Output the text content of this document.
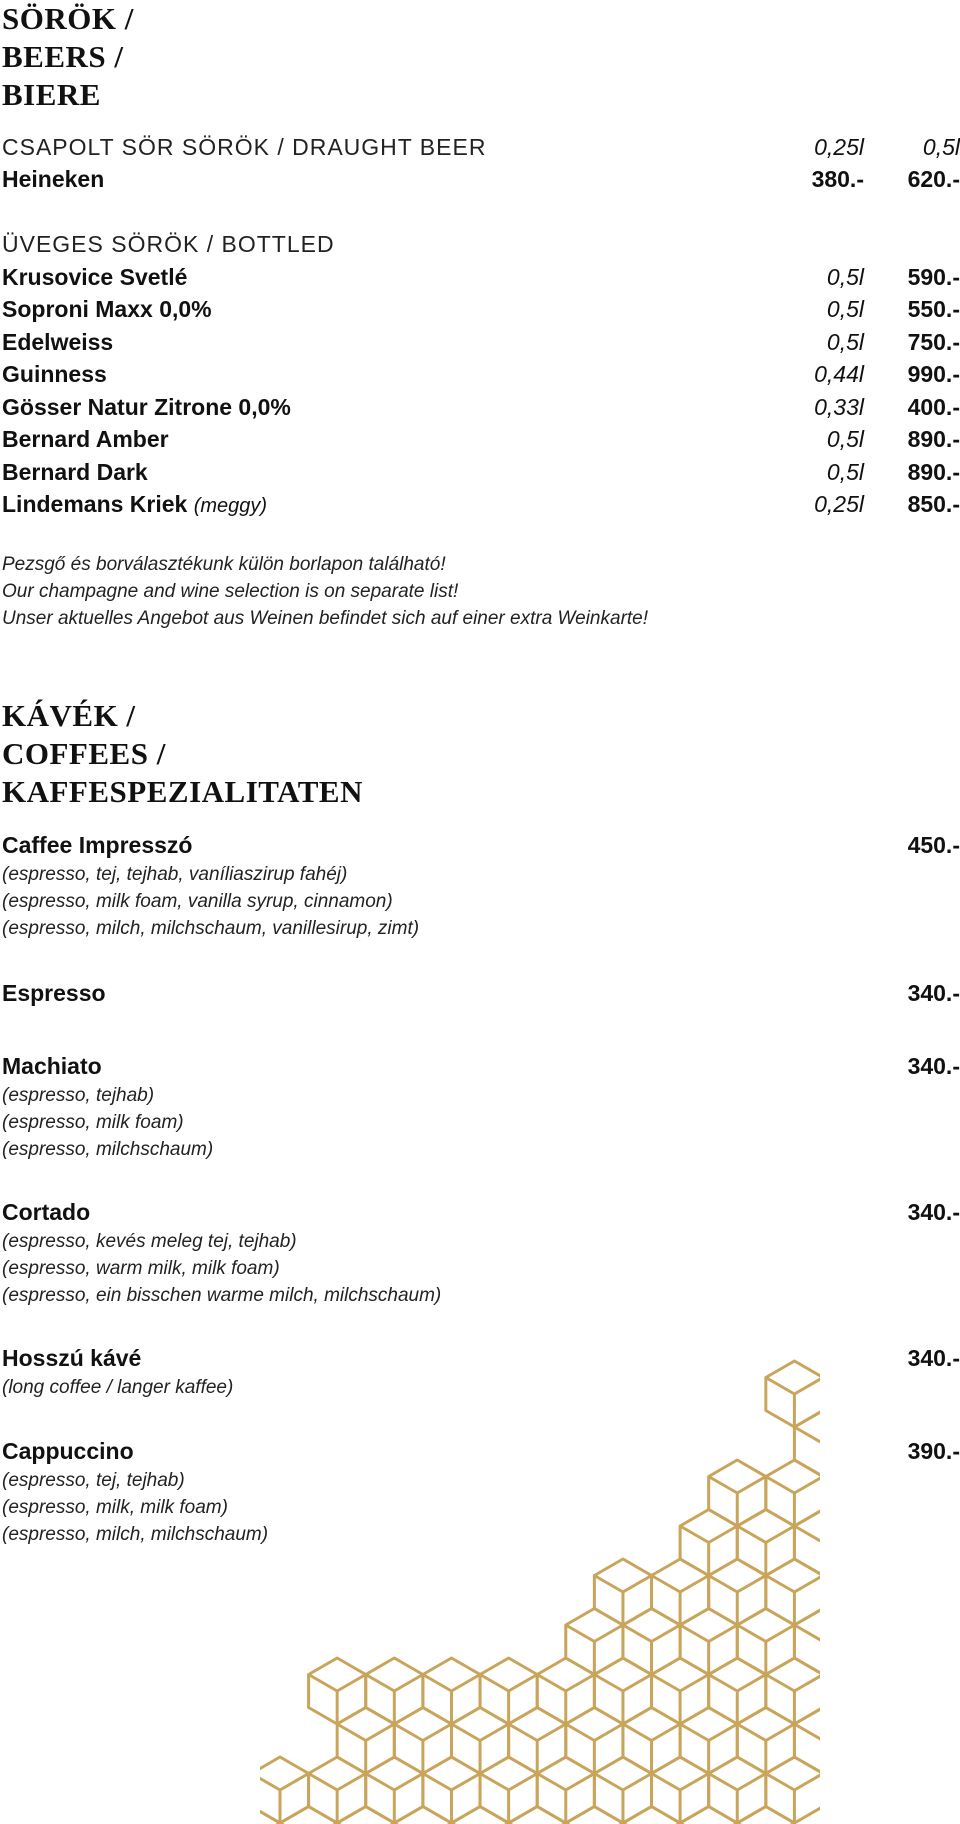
SÖRÖK /
BEERS /
BIERE
CSAPOLT SÖR SÖRÖK / DRAUGHT BEER	0,25l	0,5l
Heineken	380.- 620.-
ÜVEGES SÖRÖK / BOTTLED
Krusovice Svetlé	0,5l 590.-
Soproni Maxx 0,0%	0,5l 550.-
Edelweiss	0,5l 750.-
Guinness	0,44l 990.-
Gösser Natur Zitrone 0,0%	0,33l 400.-
Bernard Amber	0,5l 890.-
Bernard Dark	0,5l 890.-
Lindemans Kriek (meggy)	0,25l 850.-
Pezsgő és borválasztékunk külön borlapon található!
Our champagne and wine selection is on separate list!
Unser aktuelles Angebot aus Weinen befindet sich auf einer extra Weinkarte!
KÁVÉK /
COFFEES /
KAFFESPEZIALITATEN
Caffee Impresszó	450.-
(espresso, tej, tejhab, vaníliaszirup fahéj)
(espresso, milk foam, vanilla syrup, cinnamon)
(espresso, milch, milchschaum, vanillesirup, zimt)
Espresso	340.-
Machiato	340.-
(espresso, tejhab)
(espresso, milk foam)
(espresso, milchschaum)
Cortado	340.-
(espresso, kevés meleg tej, tejhab)
(espresso, warm milk, milk foam)
(espresso, ein bisschen warme milch, milchschaum)
Hosszú kávé	340.-
(long coffee / langer kaffee)
Cappuccino	390.-
(espresso, tej, tejhab)
(espresso, milk, milk foam)
(espresso, milch, milchschaum)
